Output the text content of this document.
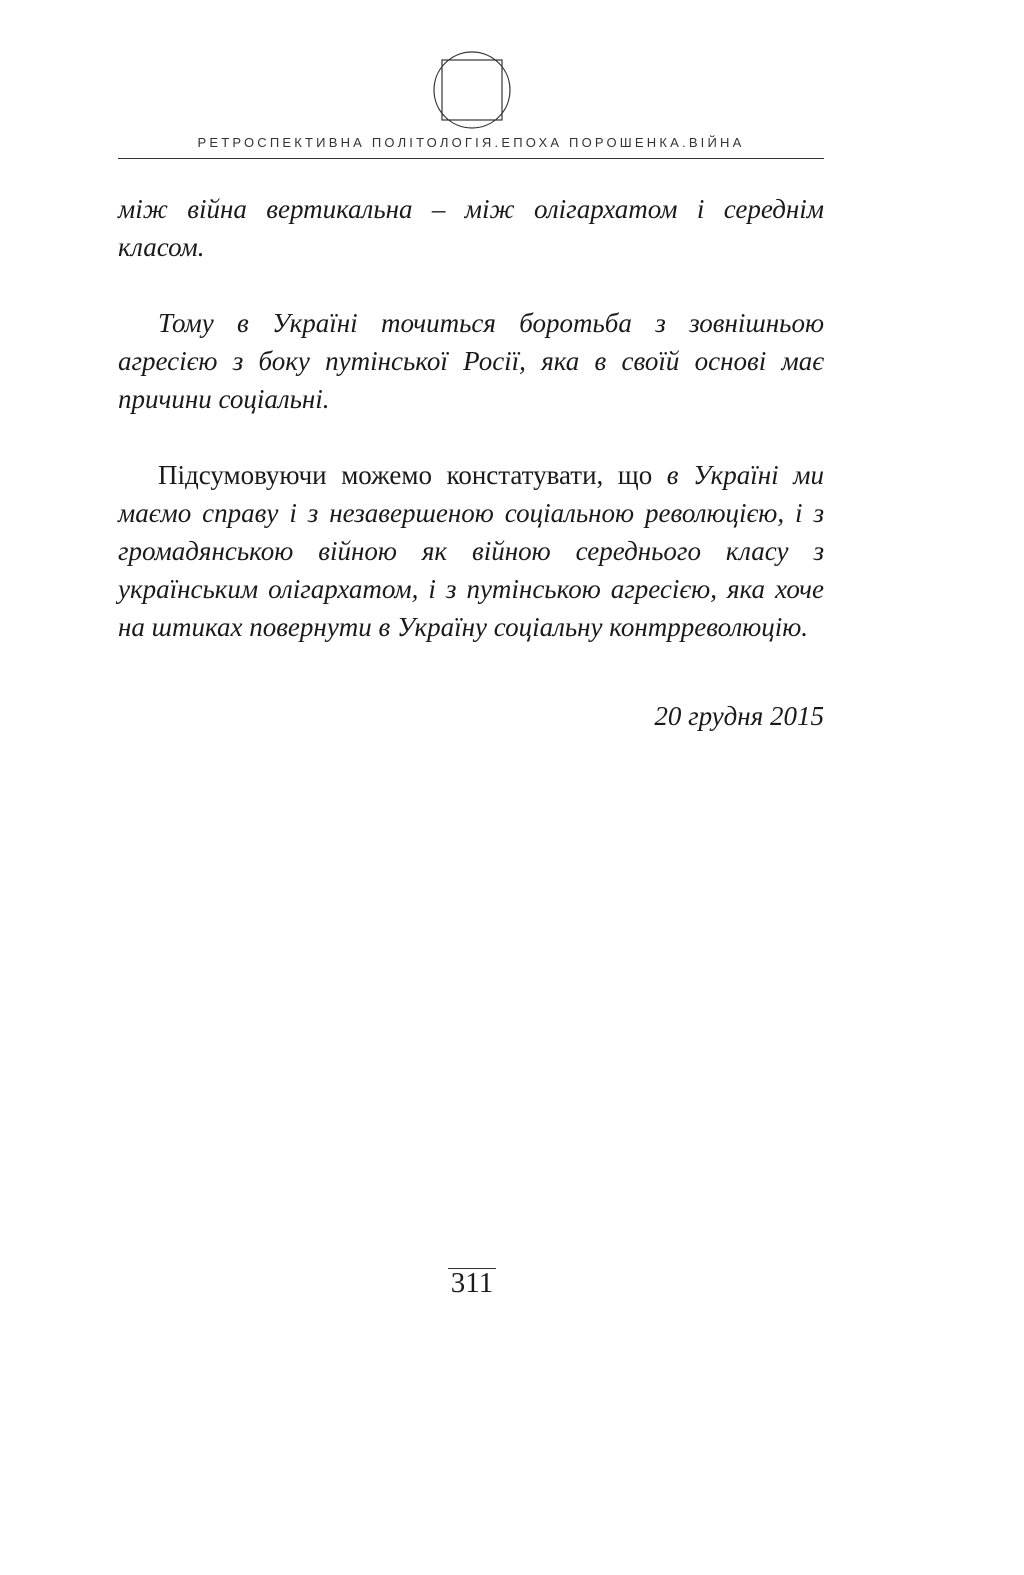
РЕТРОСПЕКТИВНА ПОЛІТОЛОГІЯ.ЕПОХА ПОРОШЕНКА.ВІЙНА

між війна вертикальна – між олігархатом і середнім класом.

Тому в Україні точиться боротьба з зовнішньою агресією з боку путінської Росії, яка в своїй основі має причини соціальні.

Підсумовуючи можемо констатувати, що в Україні ми маємо справу і з незавершеною соціальною революцією, і з громадянською війною як війною середнього класу з українським олігархатом, і з путінською агресією, яка хоче на штиках повернути в Україну соціальну контрреволюцію.

20 грудня 2015
311
